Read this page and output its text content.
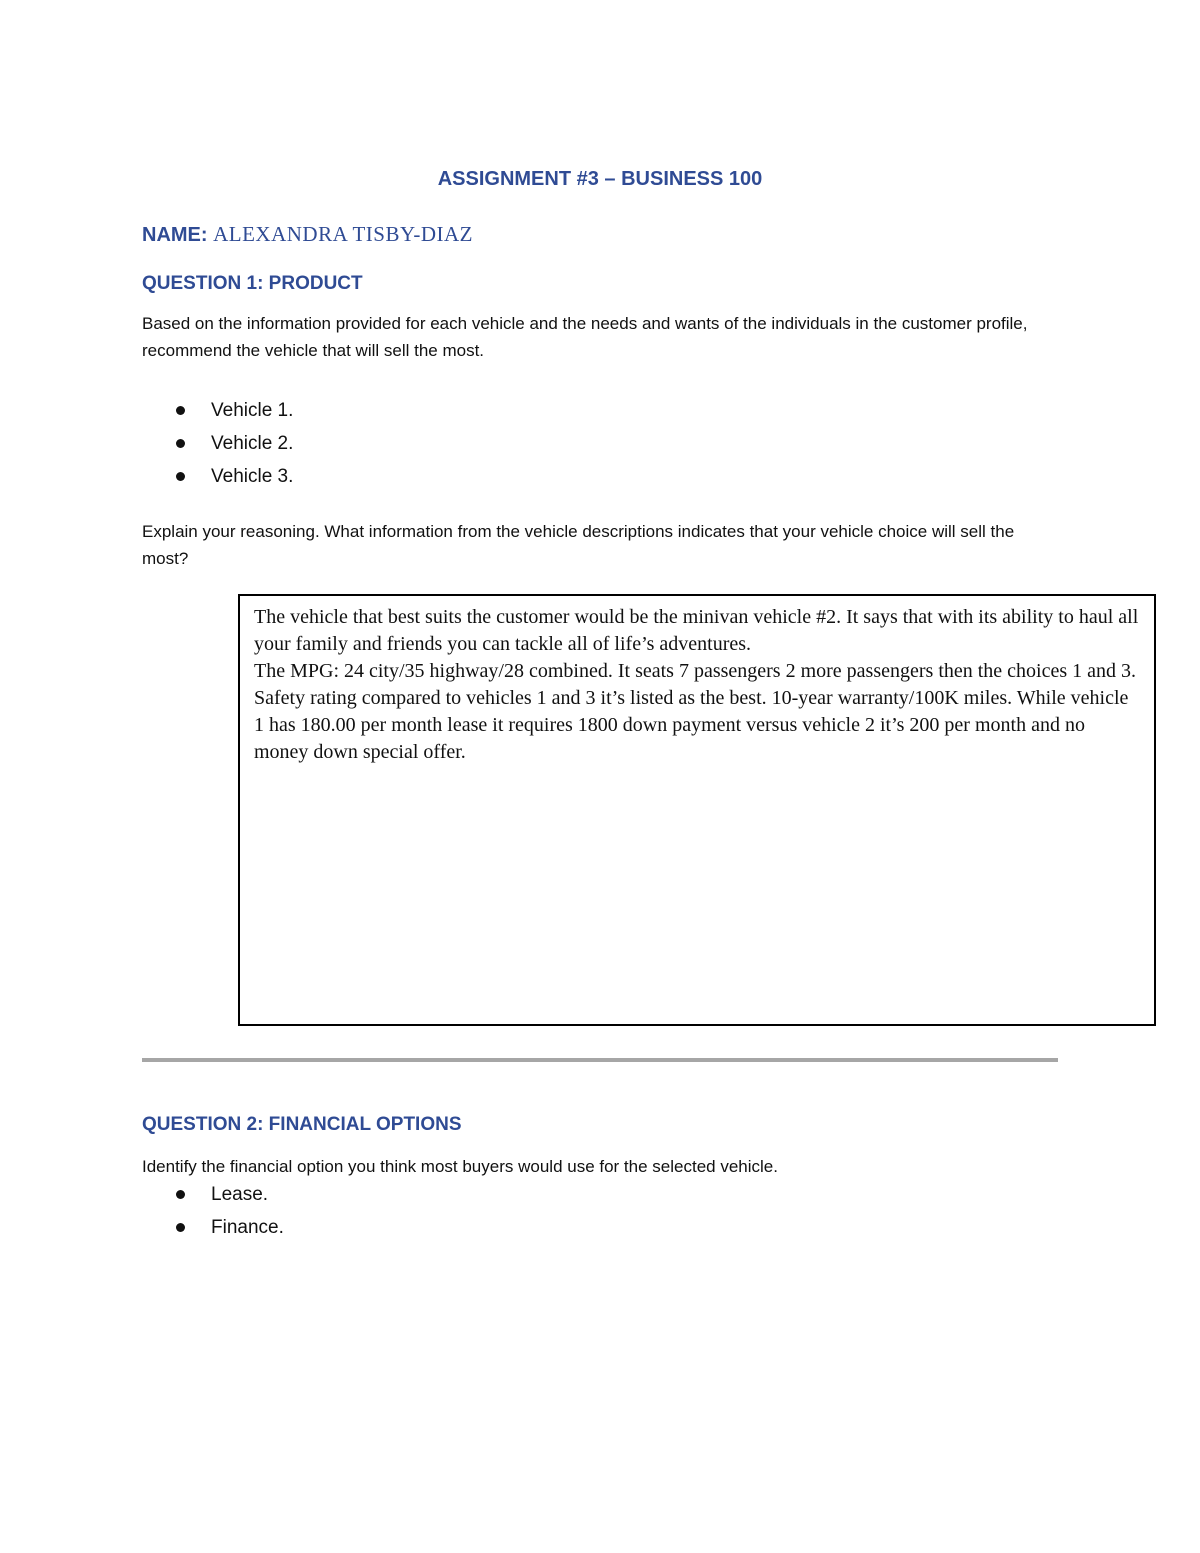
ASSIGNMENT #3 – BUSINESS 100
NAME: ALEXANDRA TISBY-DIAZ
QUESTION 1: PRODUCT
Based on the information provided for each vehicle and the needs and wants of the individuals in the customer profile, recommend the vehicle that will sell the most.
Vehicle 1.
Vehicle 2.
Vehicle 3.
Explain your reasoning. What information from the vehicle descriptions indicates that your vehicle choice will sell the most?

The vehicle that best suits the customer would be the minivan vehicle #2. It says that with its ability to haul all your family and friends you can tackle all of life’s adventures.

The MPG: 24 city/35 highway/28 combined. It seats 7 passengers 2 more passengers then the choices 1 and 3. Safety rating compared to vehicles 1 and 3 it’s listed as the best. 10-year warranty/100K miles. While vehicle 1 has 180.00 per month lease it requires 1800 down payment versus vehicle 2 it’s 200 per month and no money down special offer.

QUESTION 2: FINANCIAL OPTIONS
Identify the financial option you think most buyers would use for the selected vehicle.
Lease.
Finance.
